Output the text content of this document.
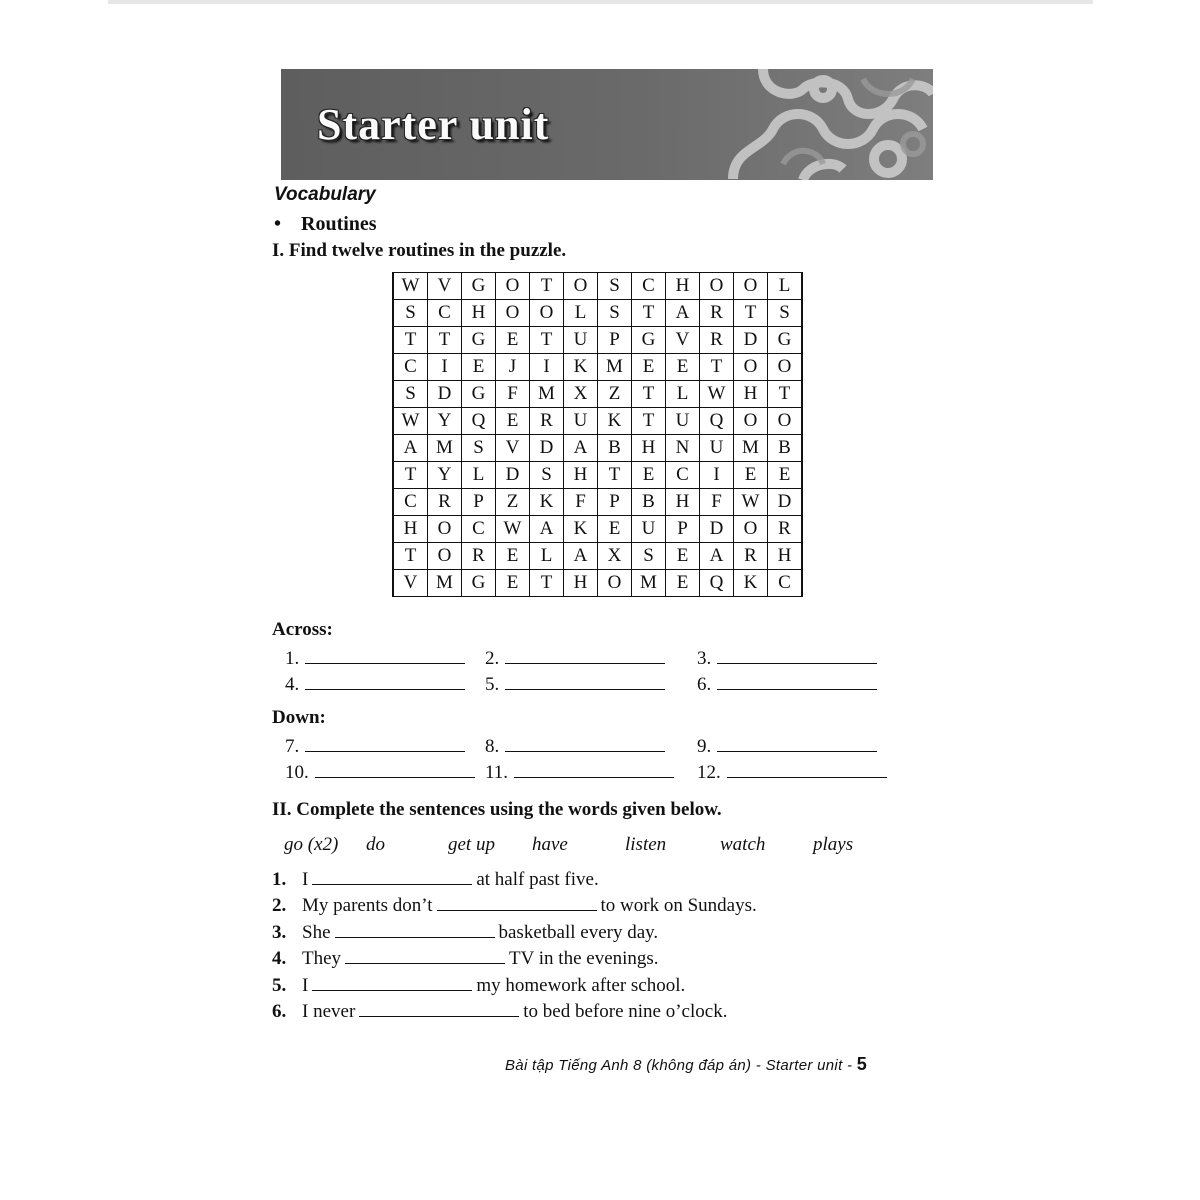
Starter unit
Vocabulary
• Routines
I. Find twelve routines in the puzzle.
W	V	G	O	T	O	S	C	H	O	O	L
S	C	H	O	O	L	S	T	A	R	T	S
T	T	G	E	T	U	P	G	V	R	D	G
C	I	E	J	I	K	M	E	E	T	O	O
S	D	G	F	M	X	Z	T	L	W	H	T
W	Y	Q	E	R	U	K	T	U	Q	O	O
A	M	S	V	D	A	B	H	N	U	M	B
T	Y	L	D	S	H	T	E	C	I	E	E
C	R	P	Z	K	F	P	B	H	F	W	D
H	O	C	W	A	K	E	U	P	D	O	R
T	O	R	E	L	A	X	S	E	A	R	H
V	M	G	E	T	H	O	M	E	Q	K	C
Across:
1.	2.	3.
4.	5.	6.
Down:
7.	8.	9.
10.	11.	12.
II. Complete the sentences using the words given below.
go (x2) do	get up have	listen	watch	plays
1. I	at half past five.
2. My parents don’t	to work on Sundays.
3. She	basketball every day.
4. They	TV in the evenings.
5. I	my homework after school.
6. I never	to bed before nine o’clock.
Bài tập Tiếng Anh 8 (không đáp án) - Starter unit - 5
